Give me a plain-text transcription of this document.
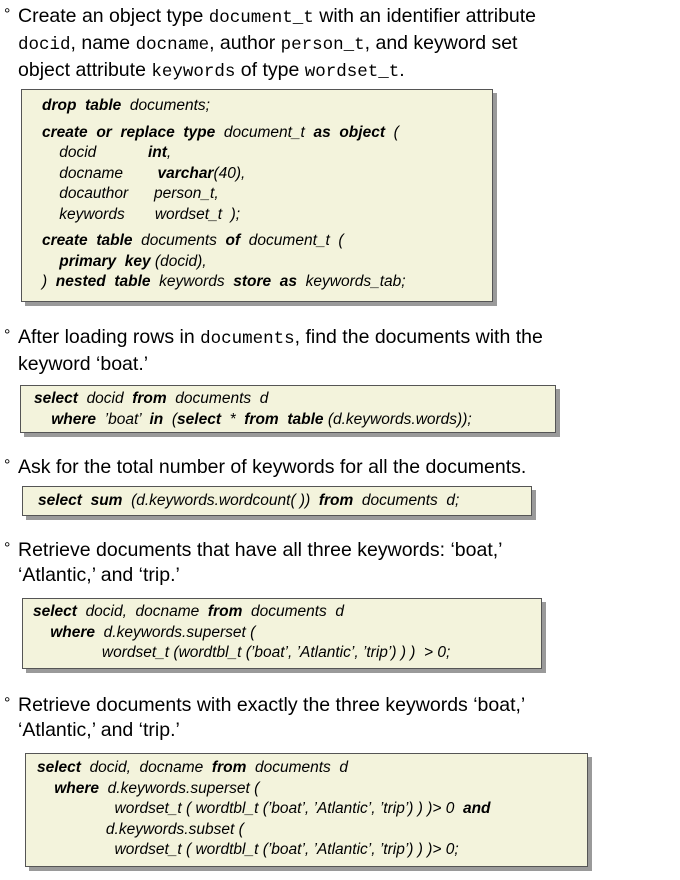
° Create an object type document_t with an identifier attribute
docid, name docname, author person_t, and keyword set
object attribute keywords of type wordset_t.
drop table  documents;
create or replace type  document_t  as object  (
docid            int,
docname        varchar(40),
docauthor      person_t,
keywords       wordset_t  );
create table  documents  of  document_t  (
primary key (docid),
)  nested table  keywords  store as  keywords_tab;
° After loading rows in documents, find the documents with the
keyword ‘boat.’
select  docid  from  documents  d
where  ’boat’  in  (select  *  from table (d.keywords.words));
° Ask for the total number of keywords for all the documents.
select sum  (d.keywords.wordcount( ))  from  documents  d;
° Retrieve documents that have all three keywords: ‘boat,’
‘Atlantic,’ and ‘trip.’
select  docid,  docname  from  documents  d
where  d.keywords.superset (
wordset_t (wordtbl_t (’boat’, ’Atlantic’, ’trip’) ) )  > 0;
° Retrieve documents with exactly the three keywords ‘boat,’
‘Atlantic,’ and ‘trip.’
select  docid,  docname  from  documents  d
where  d.keywords.superset (
wordset_t ( wordtbl_t (’boat’, ’Atlantic’, ’trip’) ) )> 0  and
d.keywords.subset (
wordset_t ( wordtbl_t (’boat’, ’Atlantic’, ’trip’) ) )> 0;
